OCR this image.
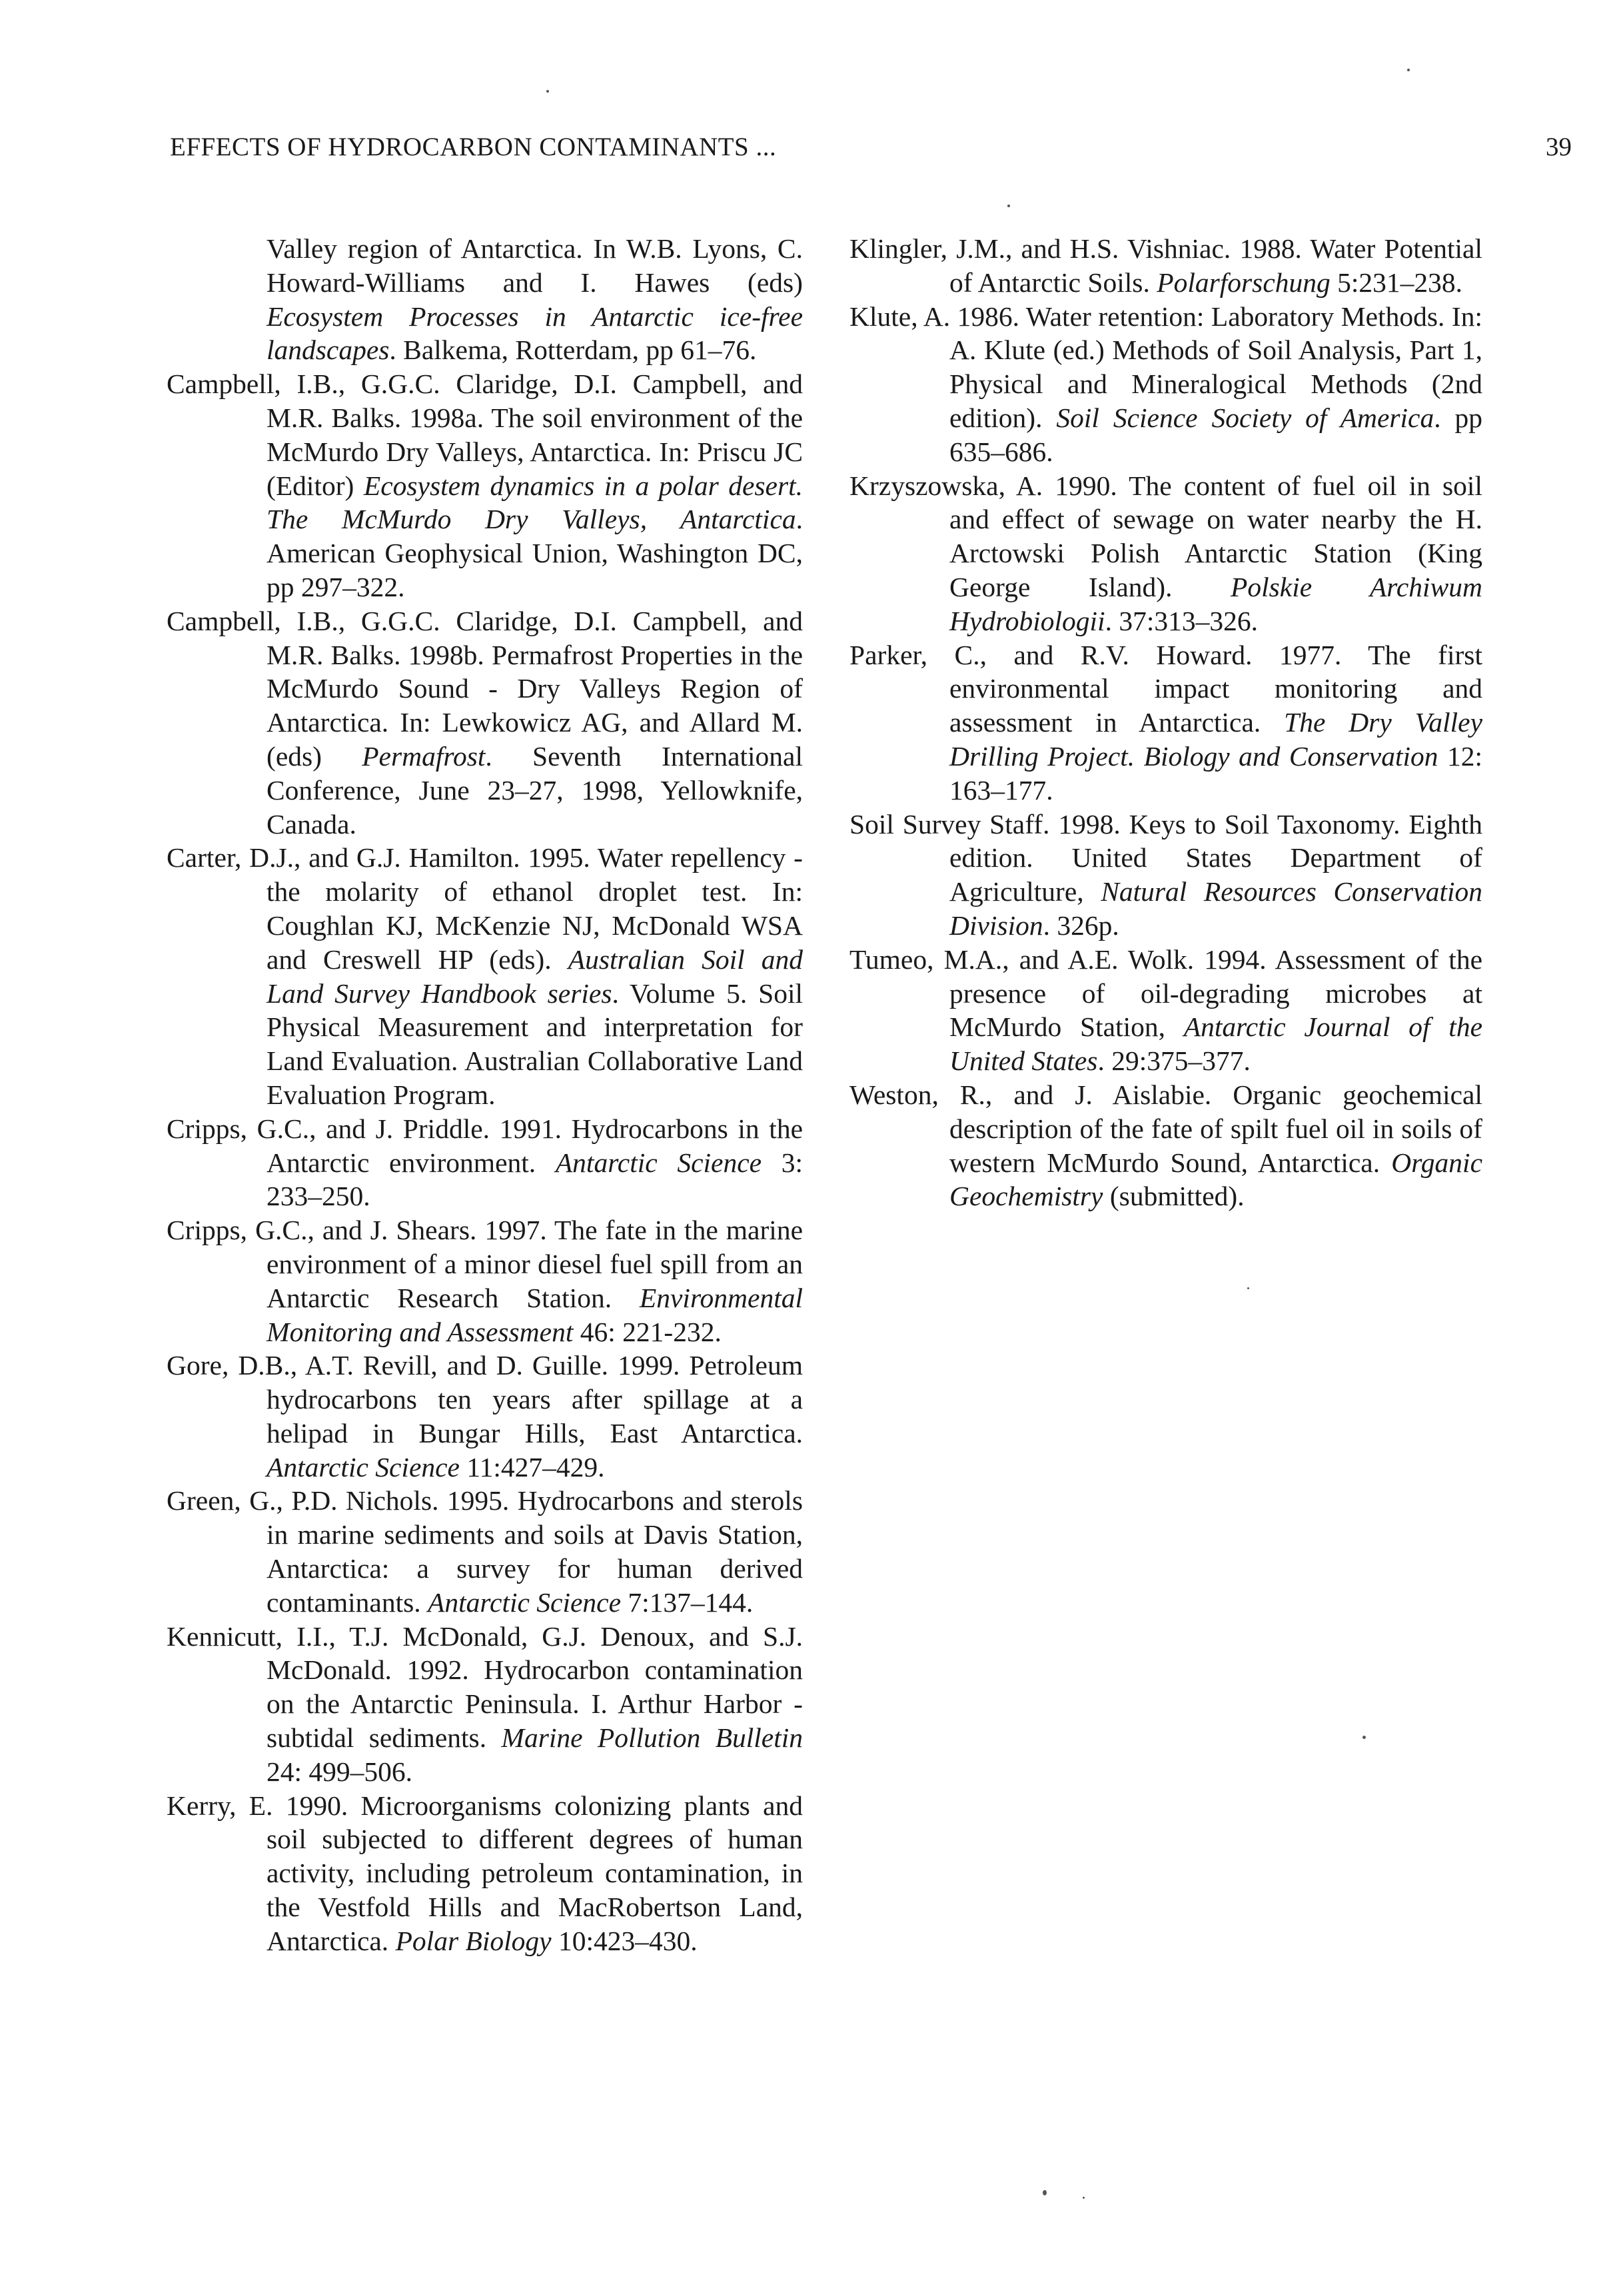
EFFECTS OF HYDROCARBON CONTAMINANTS ...	39

Valley region of Antarctica. In W.B. Lyons, C. Howard-Williams and I. Hawes (eds) Ecosystem Processes in Antarctic ice-free landscapes. Balkema, Rotterdam, pp 61–76.

Campbell, I.B., G.G.C. Claridge, D.I. Campbell, and M.R. Balks. 1998a. The soil environment of the McMurdo Dry Valleys, Antarctica. In: Priscu JC (Editor) Ecosystem dynamics in a polar desert. The McMurdo Dry Valleys, Antarctica. American Geophysical Union, Washington DC, pp 297–322.

Campbell, I.B., G.G.C. Claridge, D.I. Campbell, and M.R. Balks. 1998b. Permafrost Properties in the McMurdo Sound - Dry Valleys Region of Antarctica. In: Lewkowicz AG, and Allard M. (eds) Permafrost. Seventh International Conference, June 23–27, 1998, Yellowknife, Canada.

Carter, D.J., and G.J. Hamilton. 1995. Water repellency - the molarity of ethanol droplet test. In: Coughlan KJ, McKenzie NJ, McDonald WSA and Creswell HP (eds). Australian Soil and Land Survey Handbook series. Volume 5. Soil Physical Measurement and interpretation for Land Evaluation. Australian Collaborative Land Evaluation Program.

Cripps, G.C., and J. Priddle. 1991. Hydrocarbons in the Antarctic environment. Antarctic Science 3: 233–250.

Cripps, G.C., and J. Shears. 1997. The fate in the marine environment of a minor diesel fuel spill from an Antarctic Research Station. Environmental Monitoring and Assessment 46: 221-232.

Gore, D.B., A.T. Revill, and D. Guille. 1999. Petroleum hydrocarbons ten years after spillage at a helipad in Bungar Hills, East Antarctica. Antarctic Science 11:427–429.

Green, G., P.D. Nichols. 1995. Hydrocarbons and sterols in marine sediments and soils at Davis Station, Antarctica: a survey for human derived contaminants. Antarctic Science 7:137–144.

Kennicutt, I.I., T.J. McDonald, G.J. Denoux, and S.J. McDonald. 1992. Hydrocarbon contamination on the Antarctic Peninsula. I. Arthur Harbor - subtidal sediments. Marine Pollution Bulletin 24: 499–506.

Kerry, E. 1990. Microorganisms colonizing plants and soil subjected to different degrees of human activity, including petroleum contamination, in the Vestfold Hills and MacRobertson Land, Antarctica. Polar Biology 10:423–430.

Klingler, J.M., and H.S. Vishniac. 1988. Water Potential of Antarctic Soils. Polarforschung 5:231–238.

Klute, A. 1986. Water retention: Laboratory Methods. In: A. Klute (ed.) Methods of Soil Analysis, Part 1, Physical and Mineralogical Methods (2nd edition). Soil Science Society of America. pp 635–686.

Krzyszowska, A. 1990. The content of fuel oil in soil and effect of sewage on water nearby the H. Arctowski Polish Antarctic Station (King George Island). Polskie Archiwum Hydrobiologii. 37:313–326.

Parker, C., and R.V. Howard. 1977. The first environmental impact monitoring and assessment in Antarctica. The Dry Valley Drilling Project. Biology and Conservation 12: 163–177.

Soil Survey Staff. 1998. Keys to Soil Taxonomy. Eighth edition. United States Department of Agriculture, Natural Resources Conservation Division. 326p.

Tumeo, M.A., and A.E. Wolk. 1994. Assessment of the presence of oil-degrading microbes at McMurdo Station, Antarctic Journal of the United States. 29:375–377.

Weston, R., and J. Aislabie. Organic geochemical description of the fate of spilt fuel oil in soils of western McMurdo Sound, Antarctica. Organic Geochemistry (submitted).
